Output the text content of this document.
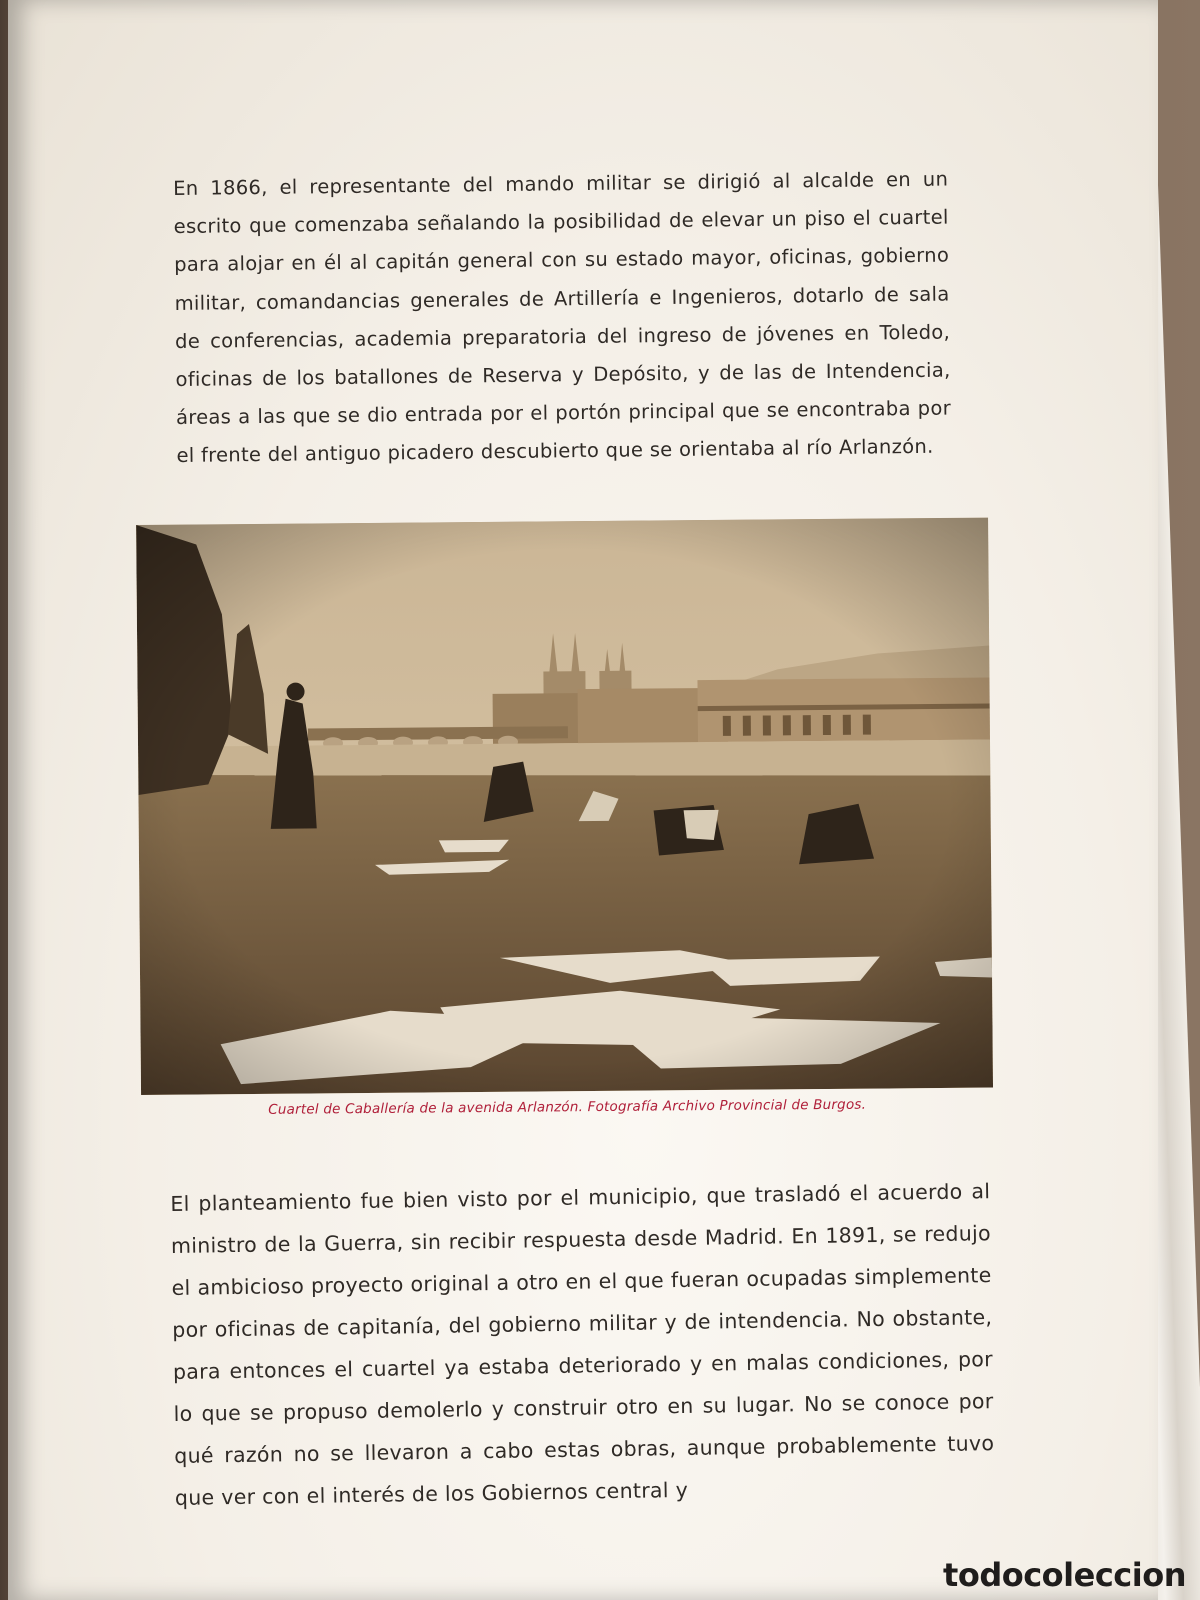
En 1866, el representante del mando militar se dirigió al alcalde en un escrito que comenzaba señalando la posibilidad de elevar un piso el cuartel para alojar en él al capitán general con su estado mayor, oficinas, gobierno militar, comandancias generales de Artillería e Ingenieros, dotarlo de sala de conferencias, academia preparatoria del ingreso de jóvenes en Toledo, oficinas de los batallones de Reserva y Depósito, y de las de Intendencia, áreas a las que se dio entrada por el portón principal que se encontraba por el frente del antiguo picadero descubierto que se orientaba al río Arlanzón.

Cuartel de Caballería de la avenida Arlanzón. Fotografía Archivo Provincial de Burgos.

El planteamiento fue bien visto por el municipio, que trasladó el acuerdo al ministro de la Guerra, sin recibir respuesta desde Madrid. En 1891, se redujo el ambicioso proyecto original a otro en el que fueran ocupadas simplemente por oficinas de capitanía, del gobierno militar y de intendencia. No obstante, para entonces el cuartel ya estaba deteriorado y en malas condiciones, por lo que se propuso demolerlo y construir otro en su lugar. No se conoce por qué razón no se llevaron a cabo estas obras, aunque probablemente tuvo que ver con el interés de los Gobiernos central y

todocoleccion
